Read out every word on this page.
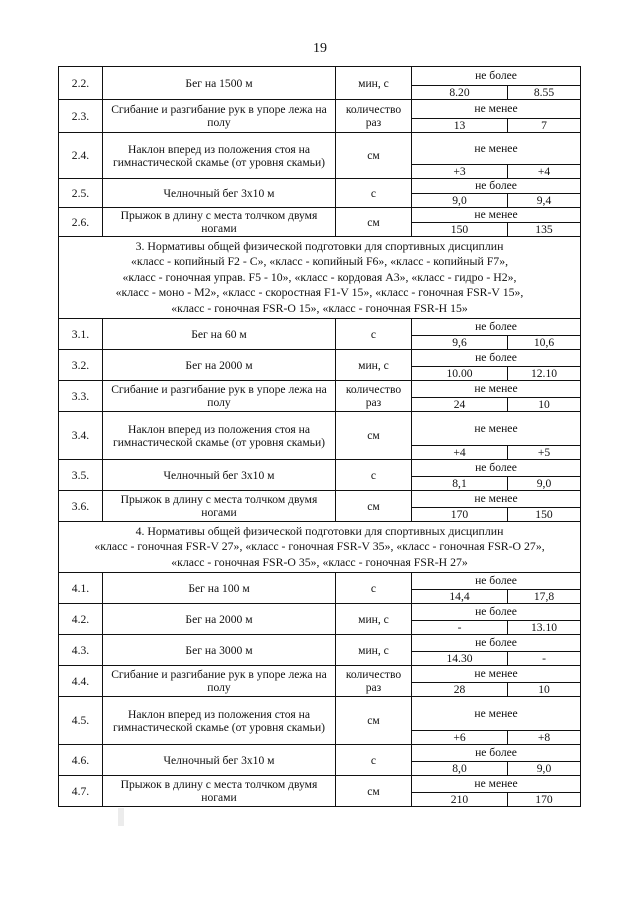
19
2.2.	Бег на 1500 м	мин, с	не более	
			8.20	8.55
2.3.	Сгибание и разгибание рук в упоре лежа на полу	количество раз	не менее	
			13	7
2.4.	Наклон вперед из положения стоя на гимнастической скамье (от уровня скамьи)	см	не менее	
			+3	+4
2.5.	Челночный бег 3х10 м	с	не более	
			9,0	9,4
2.6.	Прыжок в длину с места толчком двумя ногами	см	не менее	
			150	135

3. Нормативы общей физической подготовки для спортивных дисциплин
«класс - копийный F2 - C», «класс - копийный F6», «класс - копийный F7»,
«класс - гоночная управ. F5 - 10», «класс - кордовая А3», «класс - гидро - Н2»,
«класс - моно - М2», «класс - скоростная F1-V 15», «класс - гоночная FSR-V 15»,
«класс - гоночная FSR-O 15», «класс - гоночная FSR-H 15»				

3.1.	Бег на 60 м	с	не более	
			9,6	10,6
3.2.	Бег на 2000 м	мин, с	не более	
			10.00	12.10
3.3.	Сгибание и разгибание рук в упоре лежа на полу	количество раз	не менее	
			24	10
3.4.	Наклон вперед из положения стоя на гимнастической скамье (от уровня скамьи)	см	не менее	
			+4	+5
3.5.	Челночный бег 3х10 м	с	не более	
			8,1	9,0
3.6.	Прыжок в длину с места толчком двумя ногами	см	не менее	
			170	150

4. Нормативы общей физической подготовки для спортивных дисциплин
«класс - гоночная FSR-V 27», «класс - гоночная FSR-V 35», «класс - гоночная FSR-O 27»,
«класс - гоночная FSR-O 35», «класс - гоночная FSR-H 27»				

4.1.	Бег на 100 м	с	не более	
			14,4	17,8
4.2.	Бег на 2000 м	мин, с	не более	
			-	13.10
4.3.	Бег на 3000 м	мин, с	не более	
			14.30	-
4.4.	Сгибание и разгибание рук в упоре лежа на полу	количество раз	не менее	
			28	10
4.5.	Наклон вперед из положения стоя на гимнастической скамье (от уровня скамьи)	см	не менее	
			+6	+8
4.6.	Челночный бег 3х10 м	с	не более	
			8,0	9,0
4.7.	Прыжок в длину с места толчком двумя ногами	см	не менее	
			210	170
